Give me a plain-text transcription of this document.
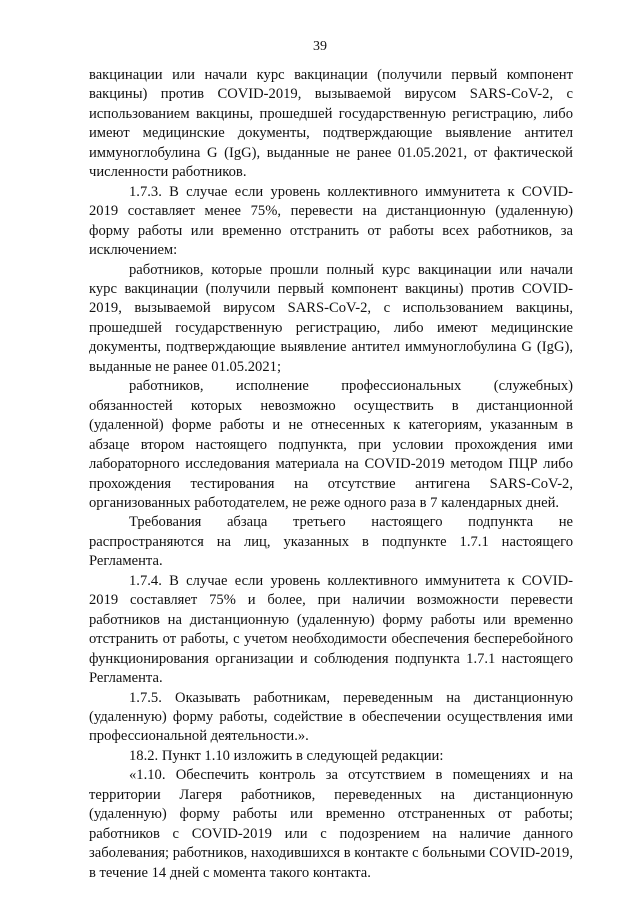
39

вакцинации или начали курс вакцинации (получили первый компонент вакцины) против COVID-2019, вызываемой вирусом SARS-CoV-2, с использованием вакцины, прошедшей государственную регистрацию, либо имеют медицинские документы, подтверждающие выявление антител иммуноглобулина G (IgG), выданные не ранее 01.05.2021, от фактической численности работников.

1.7.3. В случае если уровень коллективного иммунитета к COVID-2019 составляет менее 75%, перевести на дистанционную (удаленную) форму работы или временно отстранить от работы всех работников, за исключением:

работников, которые прошли полный курс вакцинации или начали курс вакцинации (получили первый компонент вакцины) против COVID-2019, вызываемой вирусом SARS-CoV-2, с использованием вакцины, прошедшей государственную регистрацию, либо имеют медицинские документы, подтверждающие выявление антител иммуноглобулина G (IgG), выданные не ранее 01.05.2021;

работников, исполнение профессиональных (служебных) обязанностей которых невозможно осуществить в дистанционной (удаленной) форме работы и не отнесенных к категориям, указанным в абзаце втором настоящего подпункта, при условии прохождения ими лабораторного исследования материала на COVID-2019 методом ПЦР либо прохождения тестирования на отсутствие антигена SARS-CoV-2, организованных работодателем, не реже одного раза в 7 календарных дней.

Требования абзаца третьего настоящего подпункта не распространяются на лиц, указанных в подпункте 1.7.1 настоящего Регламента.

1.7.4. В случае если уровень коллективного иммунитета к COVID-2019 составляет 75% и более, при наличии возможности перевести работников на дистанционную (удаленную) форму работы или временно отстранить от работы, с учетом необходимости обеспечения бесперебойного функционирования организации и соблюдения подпункта 1.7.1 настоящего Регламента.

1.7.5. Оказывать работникам, переведенным на дистанционную (удаленную) форму работы, содействие в обеспечении осуществления ими профессиональной деятельности.».

18.2. Пункт 1.10 изложить в следующей редакции:

«1.10. Обеспечить контроль за отсутствием в помещениях и на территории Лагеря работников, переведенных на дистанционную (удаленную) форму работы или временно отстраненных от работы; работников с COVID-2019 или с подозрением на наличие данного заболевания; работников, находившихся в контакте с больными COVID-2019, в течение 14 дней с момента такого контакта.
